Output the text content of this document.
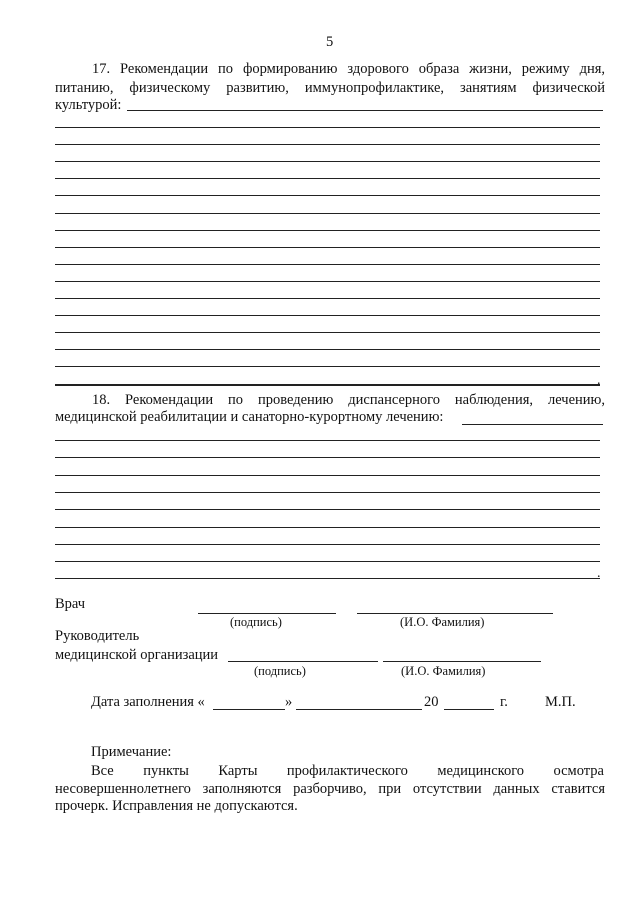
5
17. Рекомендации по формированию здорового образа жизни, режиму дня,
питанию, физическому развитию, иммунопрофилактике, занятиям физической
культурой:
.
18. Рекомендации по проведению диспансерного наблюдения, лечению,
медицинской реабилитации и санаторно-курортному лечению:
.
Врач
(подпись)	(И.О. Фамилия)
Руководитель
медицинской организации
(подпись)	(И.О. Фамилия)
Дата заполнения «	»	20	г.	М.П.
Примечание:
Все пункты Карты профилактического медицинского осмотра
несовершеннолетнего заполняются разборчиво, при отсутствии данных ставится
прочерк. Исправления не допускаются.
